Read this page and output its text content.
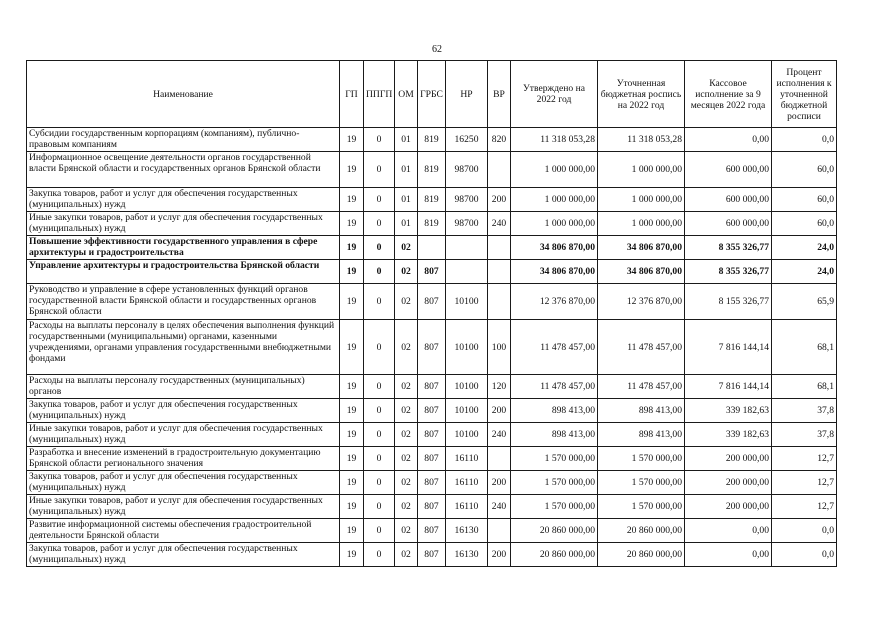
62
Наименование	ГП	ППГП	ОМ	ГРБС	НР	ВР	Утверждено на 2022 год	Уточненная бюджетная роспись на 2022 год	Кассовое исполнение за 9 месяцев 2022 года	Процент исполнения к уточненной бюджетной росписи
Субсидии государственным корпорациям (компаниям), публично-правовым компаниям	19	0	01	819	16250	820	11 318 053,28	11 318 053,28	0,00	0,0
Информационное освещение деятельности органов государственной власти Брянской области и государственных органов Брянской области	19	0	01	819	98700		1 000 000,00	1 000 000,00	600 000,00	60,0
Закупка товаров, работ и услуг для обеспечения государственных (муниципальных) нужд	19	0	01	819	98700	200	1 000 000,00	1 000 000,00	600 000,00	60,0
Иные закупки товаров, работ и услуг для обеспечения государственных (муниципальных) нужд	19	0	01	819	98700	240	1 000 000,00	1 000 000,00	600 000,00	60,0
Повышение эффективности государственного управления в сфере архитектуры и градостроительства	19	0	02				34 806 870,00	34 806 870,00	8 355 326,77	24,0
Управление архитектуры и градостроительства Брянской области	19	0	02	807			34 806 870,00	34 806 870,00	8 355 326,77	24,0
Руководство и управление в сфере установленных функций органов государственной власти Брянской области и государственных органов Брянской области	19	0	02	807	10100		12 376 870,00	12 376 870,00	8 155 326,77	65,9
Расходы на выплаты персоналу в целях обеспечения выполнения функций государственными (муниципальными) органами, казенными учреждениями, органами управления государственными внебюджетными фондами	19	0	02	807	10100	100	11 478 457,00	11 478 457,00	7 816 144,14	68,1
Расходы на выплаты персоналу государственных (муниципальных) органов	19	0	02	807	10100	120	11 478 457,00	11 478 457,00	7 816 144,14	68,1
Закупка товаров, работ и услуг для обеспечения государственных (муниципальных) нужд	19	0	02	807	10100	200	898 413,00	898 413,00	339 182,63	37,8
Иные закупки товаров, работ и услуг для обеспечения государственных (муниципальных) нужд	19	0	02	807	10100	240	898 413,00	898 413,00	339 182,63	37,8
Разработка и внесение изменений в градостроительную документацию Брянской области регионального значения	19	0	02	807	16110		1 570 000,00	1 570 000,00	200 000,00	12,7
Закупка товаров, работ и услуг для обеспечения государственных (муниципальных) нужд	19	0	02	807	16110	200	1 570 000,00	1 570 000,00	200 000,00	12,7
Иные закупки товаров, работ и услуг для обеспечения государственных (муниципальных) нужд	19	0	02	807	16110	240	1 570 000,00	1 570 000,00	200 000,00	12,7
Развитие информационной системы обеспечения градостроительной деятельности Брянской области	19	0	02	807	16130		20 860 000,00	20 860 000,00	0,00	0,0
Закупка товаров, работ и услуг для обеспечения государственных (муниципальных) нужд	19	0	02	807	16130	200	20 860 000,00	20 860 000,00	0,00	0,0
